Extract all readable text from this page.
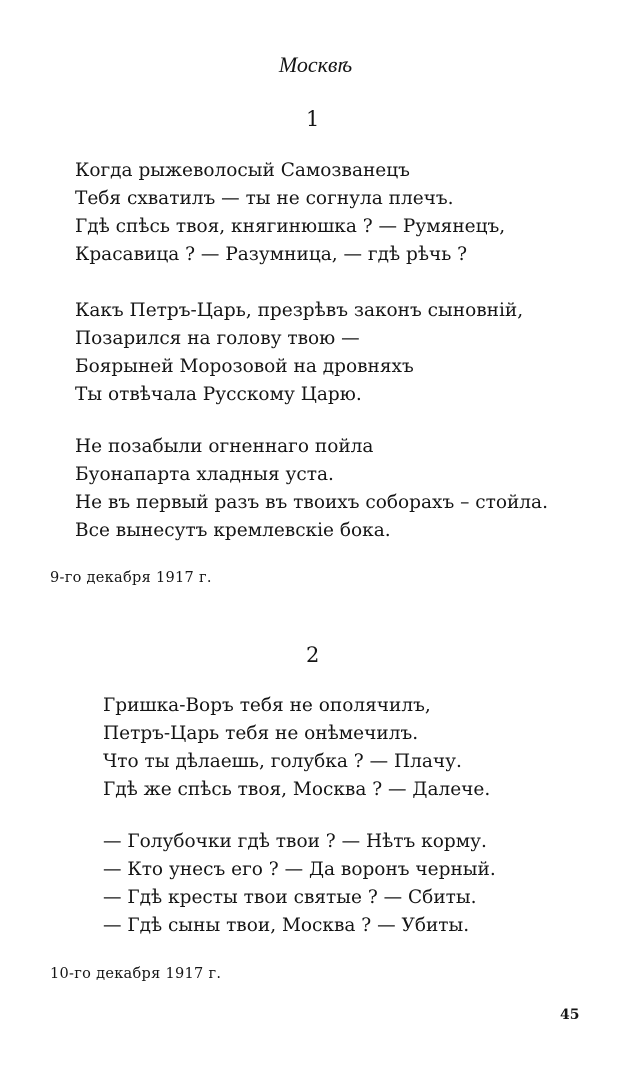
Москвѣ
1
Когда рыжеволосый Самозванецъ
Тебя схватилъ — ты не согнула плечъ.
Гдѣ спѣсь твоя, княгинюшка ? — Румянецъ,
Красавица ? — Разумница, — гдѣ рѣчь ?
Какъ Петръ-Царь, презрѣвъ законъ сыновній,
Позарился на голову твою —
Боярыней Морозовой на дровняхъ
Ты отвѣчала Русскому Царю.
Не позабыли огненнаго пойла
Буонапарта хладныя уста.
Не въ первый разъ въ твоихъ соборахъ – стойла.
Все вынесутъ кремлевскіе бока.
9-го декабря 1917 г.
2
Гришка-Воръ тебя не ополячилъ,
Петръ-Царь тебя не онѣмечилъ.
Что ты дѣлаешь, голубка ? — Плачу.
Гдѣ же спѣсь твоя, Москва ? — Далече.
— Голубочки гдѣ твои ? — Нѣтъ корму.
— Кто унесъ его ? — Да воронъ черный.
— Гдѣ кресты твои святые ? — Сбиты.
— Гдѣ сыны твои, Москва ? — Убиты.
10-го декабря 1917 г.
45
